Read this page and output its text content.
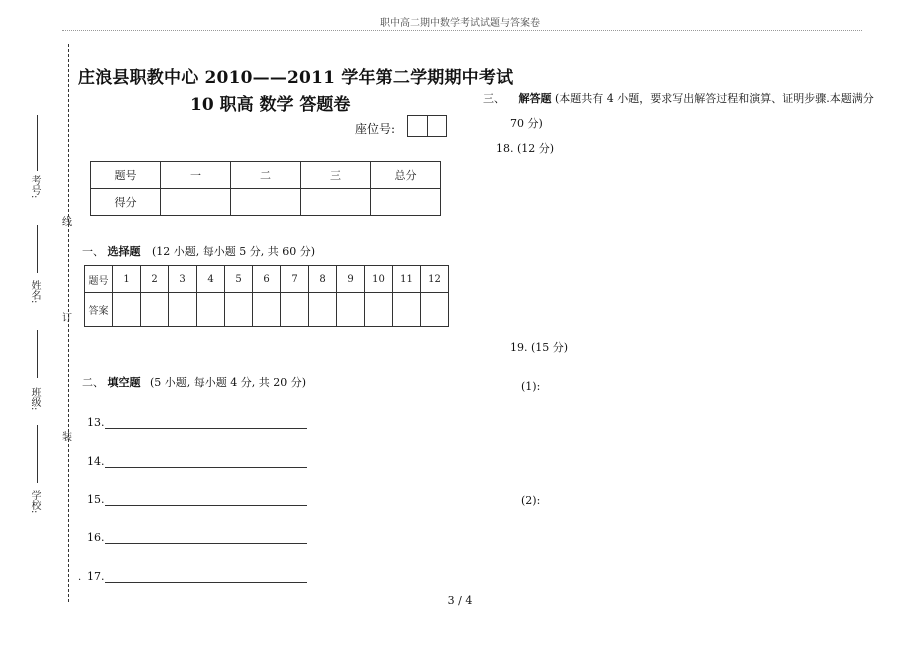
职中高二期中数学考试试题与答案卷
线
订
装
考号:
姓名:
班级:
学校:
庄浪县职教中心 2010——2011 学年第二学期期中考试
10 职高 数学 答题卷
座位号:
题号	一	二	三	总分
得分				
一、 选择题 (12 小题, 每小题 5 分, 共 60 分)
题号	1	2	3	4	5	6	7	8	9	10	11	12
答案												
二、 填空题 (5 小题, 每小题 4 分, 共 20 分)
13.
14.
15.
16.
17.
.
三、 解答题 (本题共有 4 小题，要求写出解答过程和演算、证明步骤.本题满分
70 分)
18. (12 分)
19. (15 分)
(1):
(2):
3 / 4
